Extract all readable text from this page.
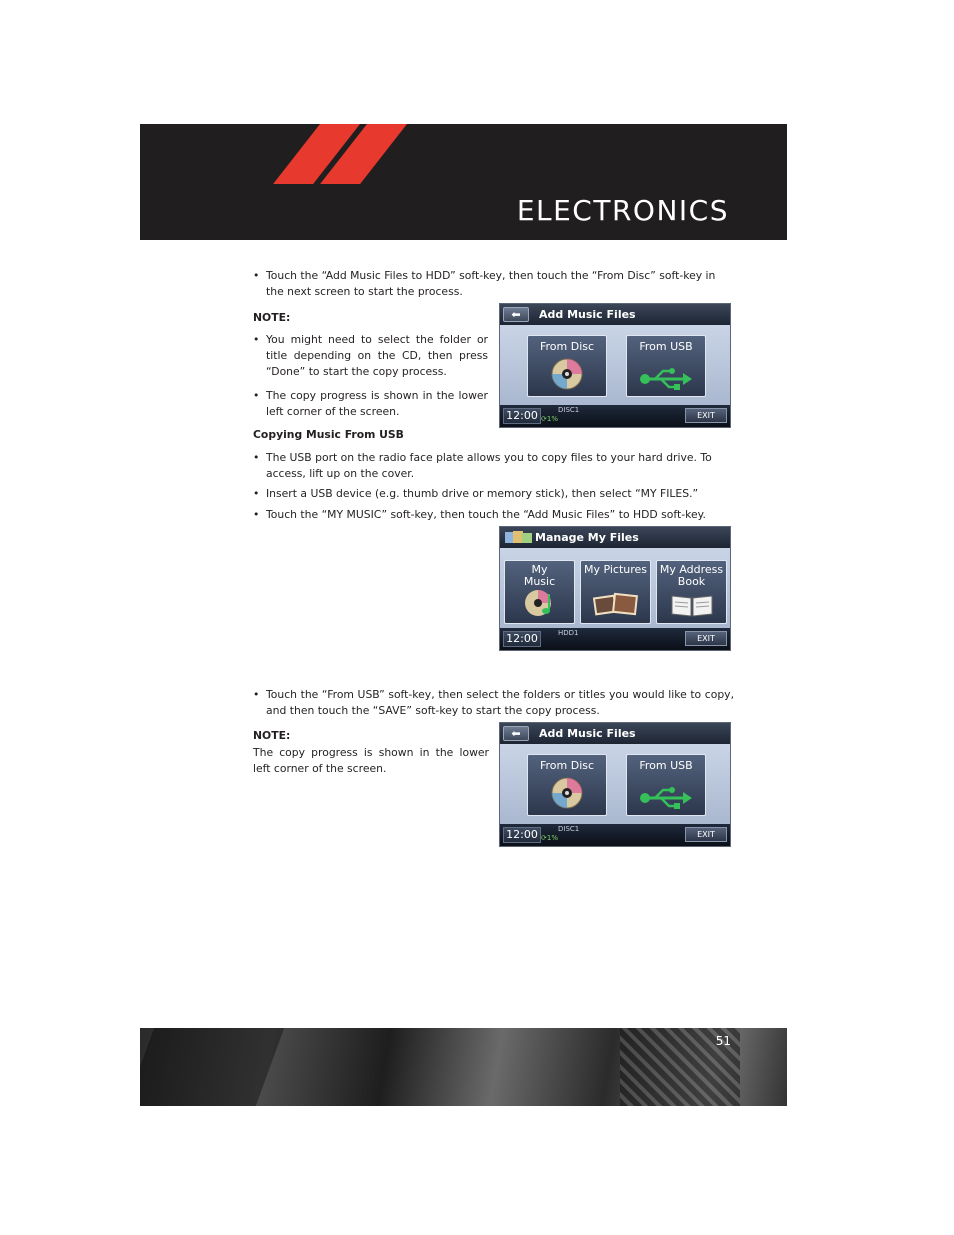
ELECTRONICS
• Touch the “Add Music Files to HDD” soft-key, then touch the “From Disc” soft-key in the next screen to start the process.
NOTE:
• You might need to select the folder or title depending on the CD, then press “Done” to start the copy process.
• The copy progress is shown in the lower left corner of the screen.
⬅	Add Music Files
From Disc	From USB
12:00	DISC1
⟳1%	EXIT
Copying Music From USB
• The USB port on the radio face plate allows you to copy files to your hard drive. To access, lift up on the cover.
• Insert a USB device (e.g. thumb drive or memory stick), then select “MY FILES.”
• Touch the “MY MUSIC” soft-key, then touch the “Add Music Files” to HDD soft-key.
Manage My Files
My Music
My Pictures My Address Book
12:00	HDD1
EXIT
• Touch the “From USB” soft-key, then select the folders or titles you would like to copy, and then touch the “SAVE” soft-key to start the copy process.
NOTE:
The copy progress is shown in the lower left corner of the screen.
⬅	Add Music Files
From Disc	From USB
12:00	DISC1
⟳1%	EXIT
51
